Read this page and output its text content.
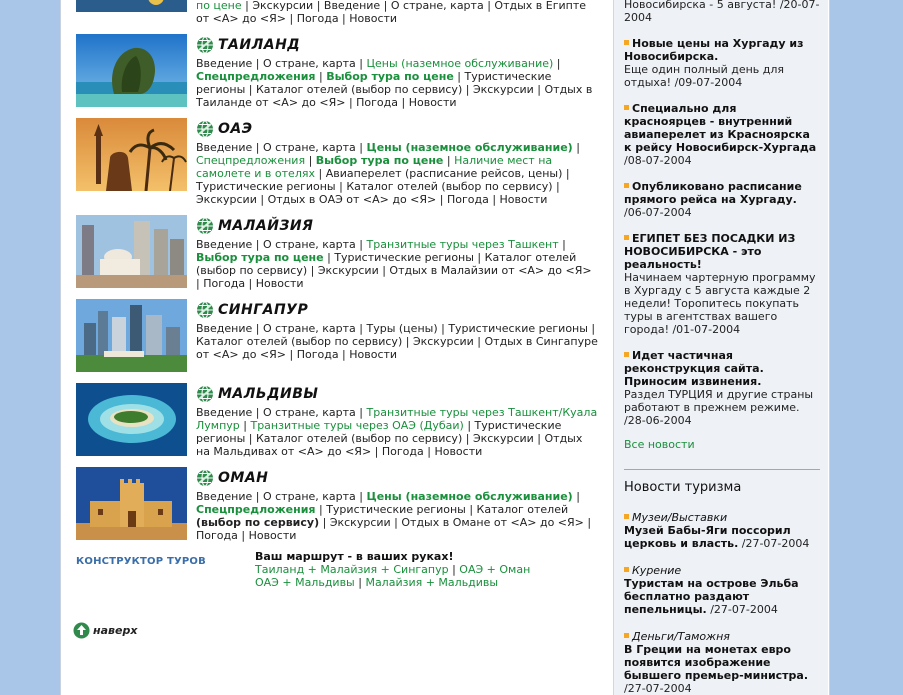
по цене | Экскурсии | Введение | О стране, карта | Отдых в Египте от <А> до <Я> | Погода | Новости
ТАИЛАНД
Введение | О стране, карта | Цены (наземное обслуживание) | Спецпредложения | Выбор тура по цене | Туристические регионы | Каталог отелей (выбор по сервису) | Экскурсии | Отдых в Таиланде от <А> до <Я> | Погода | Новости
ОАЭ
Введение | О стране, карта | Цены (наземное обслуживание) | Спецпредложения | Выбор тура по цене | Наличие мест на самолете и в отелях | Авиаперелет (расписание рейсов, цены) | Туристические регионы | Каталог отелей (выбор по сервису) | Экскурсии | Отдых в ОАЭ от <А> до <Я> | Погода | Новости
МАЛАЙЗИЯ
Введение | О стране, карта | Транзитные туры через Ташкент | Выбор тура по цене | Туристические регионы | Каталог отелей (выбор по сервису) | Экскурсии | Отдых в Малайзии от <А> до <Я> | Погода | Новости
СИНГАПУР
Введение | О стране, карта | Туры (цены) | Туристические регионы | Каталог отелей (выбор по сервису) | Экскурсии | Отдых в Сингапуре от <А> до <Я> | Погода | Новости
МАЛЬДИВЫ
Введение | О стране, карта | Транзитные туры через Ташкент/Куала Лумпур | Транзитные туры через ОАЭ (Дубаи) | Туристические регионы | Каталог отелей (выбор по сервису) | Экскурсии | Отдых на Мальдивах от <А> до <Я> | Погода | Новости
ОМАН
Введение | О стране, карта | Цены (наземное обслуживание) | Спецпредложения | Туристические регионы | Каталог отелей (выбор по сервису) | Экскурсии | Отдых в Омане от <А> до <Я> | Погода | Новости
КОНСТРУКТОР ТУРОВ	Ваш маршрут - в ваших руках!
Таиланд + Малайзия + Сингапур | ОАЭ + Оман
ОАЭ + Мальдивы | Малайзия + Мальдивы
наверх
Новосибирска - 5 августа! /20-07-2004
Новые цены на Хургаду из Новосибирска.
Еще один полный день для отдыха! /09-07-2004
Специально для красноярцев - внутренний авиаперелет из Красноярска к рейсу Новосибирск-Хургада
/08-07-2004
Опубликовано расписание прямого рейса на Хургаду.
/06-07-2004
ЕГИПЕТ БЕЗ ПОСАДКИ ИЗ НОВОСИБИРСКА - это реальность!
Начинаем чартерную программу в Хургаду с 5 августа каждые 2 недели! Торопитесь покупать туры в агентствах вашего города! /01-07-2004
Идет частичная реконструкция сайта. Приносим извинения.
Раздел ТУРЦИЯ и другие страны работают в прежнем режиме. /28-06-2004
Все новости
Новости туризма
Музеи/Выставки
Музей Бабы-Яги поссорил церковь и власть. /27-07-2004
Курение
Туристам на острове Эльба бесплатно раздают пепельницы. /27-07-2004
Деньги/Таможня
В Греции на монетах евро появится изображение бывшего премьер-министра. /27-07-2004
